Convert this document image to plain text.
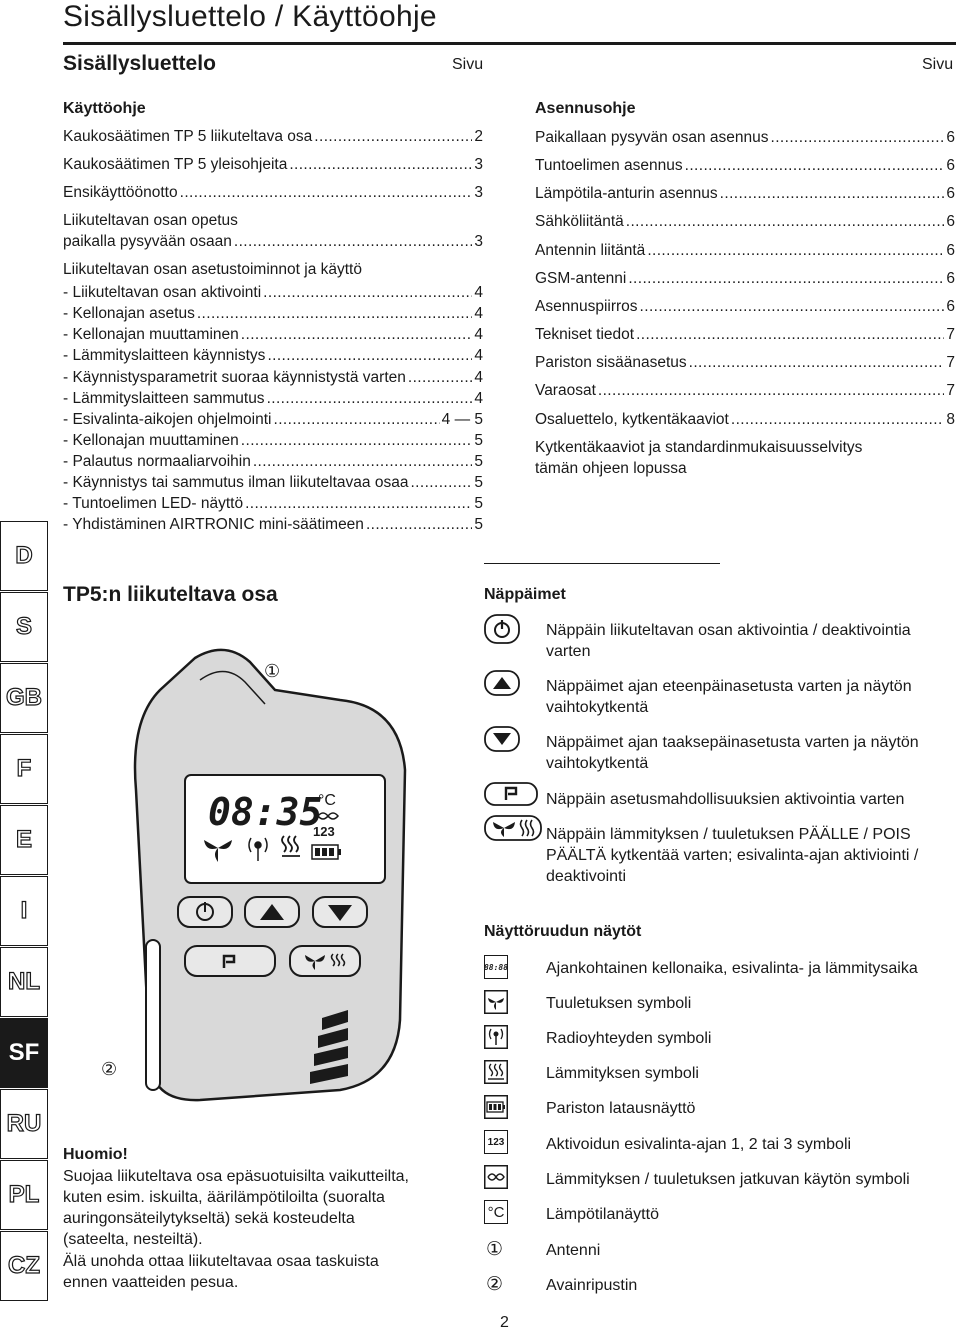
Sisällysluettelo / Käyttöohje
Sisällysluettelo	Sivu	Sivu
Käyttöohje
Kaukosäätimen TP 5 liikuteltava osa .....	2
Kaukosäätimen TP 5 yleisohjeita .....	3
Ensikäyttöönotto .....	3
Liikuteltavan osan opetus
paikalla pysyvään osaan .....	3
Liikuteltavan osan asetustoiminnot ja käyttö
- Liikuteltavan osan aktivointi .....	4
- Kellonajan asetus .....	4
- Kellonajan muuttaminen .....	4
- Lämmityslaitteen käynnistys .....	4
- Käynnistysparametrit suoraa käynnistystä varten .....	4
- Lämmityslaitteen sammutus .....	4
- Esivalinta-aikojen ohjelmointi .....	4 — 5
- Kellonajan muuttaminen .....	5
- Palautus normaaliarvoihin .....	5
- Käynnistys tai sammutus ilman liikuteltavaa osaa .....	5
- Tuntoelimen LED- näyttö .....	5
- Yhdistäminen AIRTRONIC mini-säätimeen .....	5
Asennusohje
Paikallaan pysyvän osan asennus .....	6
Tuntoelimen asennus .....	6
Lämpötila-anturin asennus .....	6
Sähköliitäntä .....	6
Antennin liitäntä .....	6
GSM-antenni .....	6
Asennuspiirros .....	6
Tekniset tiedot .....	7
Pariston sisäänasetus .....	7
Varaosat .....	7
Osaluettelo, kytkentäkaaviot .....	8
Kytkentäkaaviot ja standardinmukaisuusselvitys
tämän ohjeen lopussa
D
S
GB
F
E
I
NL
SF
RU
PL
CZ
TP5:n liikuteltava osa
08:35
°C
123
①
②
Huomio!
Suojaa liikuteltava osa epäsuotuisilta vaikutteilta,
kuten esim. iskuilta, äärilämpötiloilta (suoralta
auringonsäteilytykseltä) sekä kosteudelta
(sateelta, nesteiltä).
Älä unohda ottaa liikuteltavaa osaa taskuista
ennen vaatteiden pesua.
Näppäimet
Näppäin liikuteltavan osan aktivointia / deaktivointia varten
Näppäimet ajan eteenpäinasetusta varten ja näytön vaihtokytkentä
Näppäimet ajan taaksepäinasetusta varten ja näytön vaihtokytkentä
Näppäin asetusmahdollisuuksien aktivointia varten
Näppäin lämmityksen / tuuletuksen PÄÄLLE / POIS PÄÄLTÄ kytkentää varten; esivalinta-ajan aktiviointi / deaktivointi
Näyttöruudun näytöt
88:88 Ajankohtainen kellonaika, esivalinta- ja lämmitysaika
Tuuletuksen symboli
Radioyhteyden symboli
Lämmityksen symboli
Pariston latausnäyttö
123	Aktivoidun esivalinta-ajan 1, 2 tai 3 symboli
Lämmityksen / tuuletuksen jatkuvan käytön symboli
°C	Lämpötilanäyttö
①	Antenni
②	Avainripustin
2
